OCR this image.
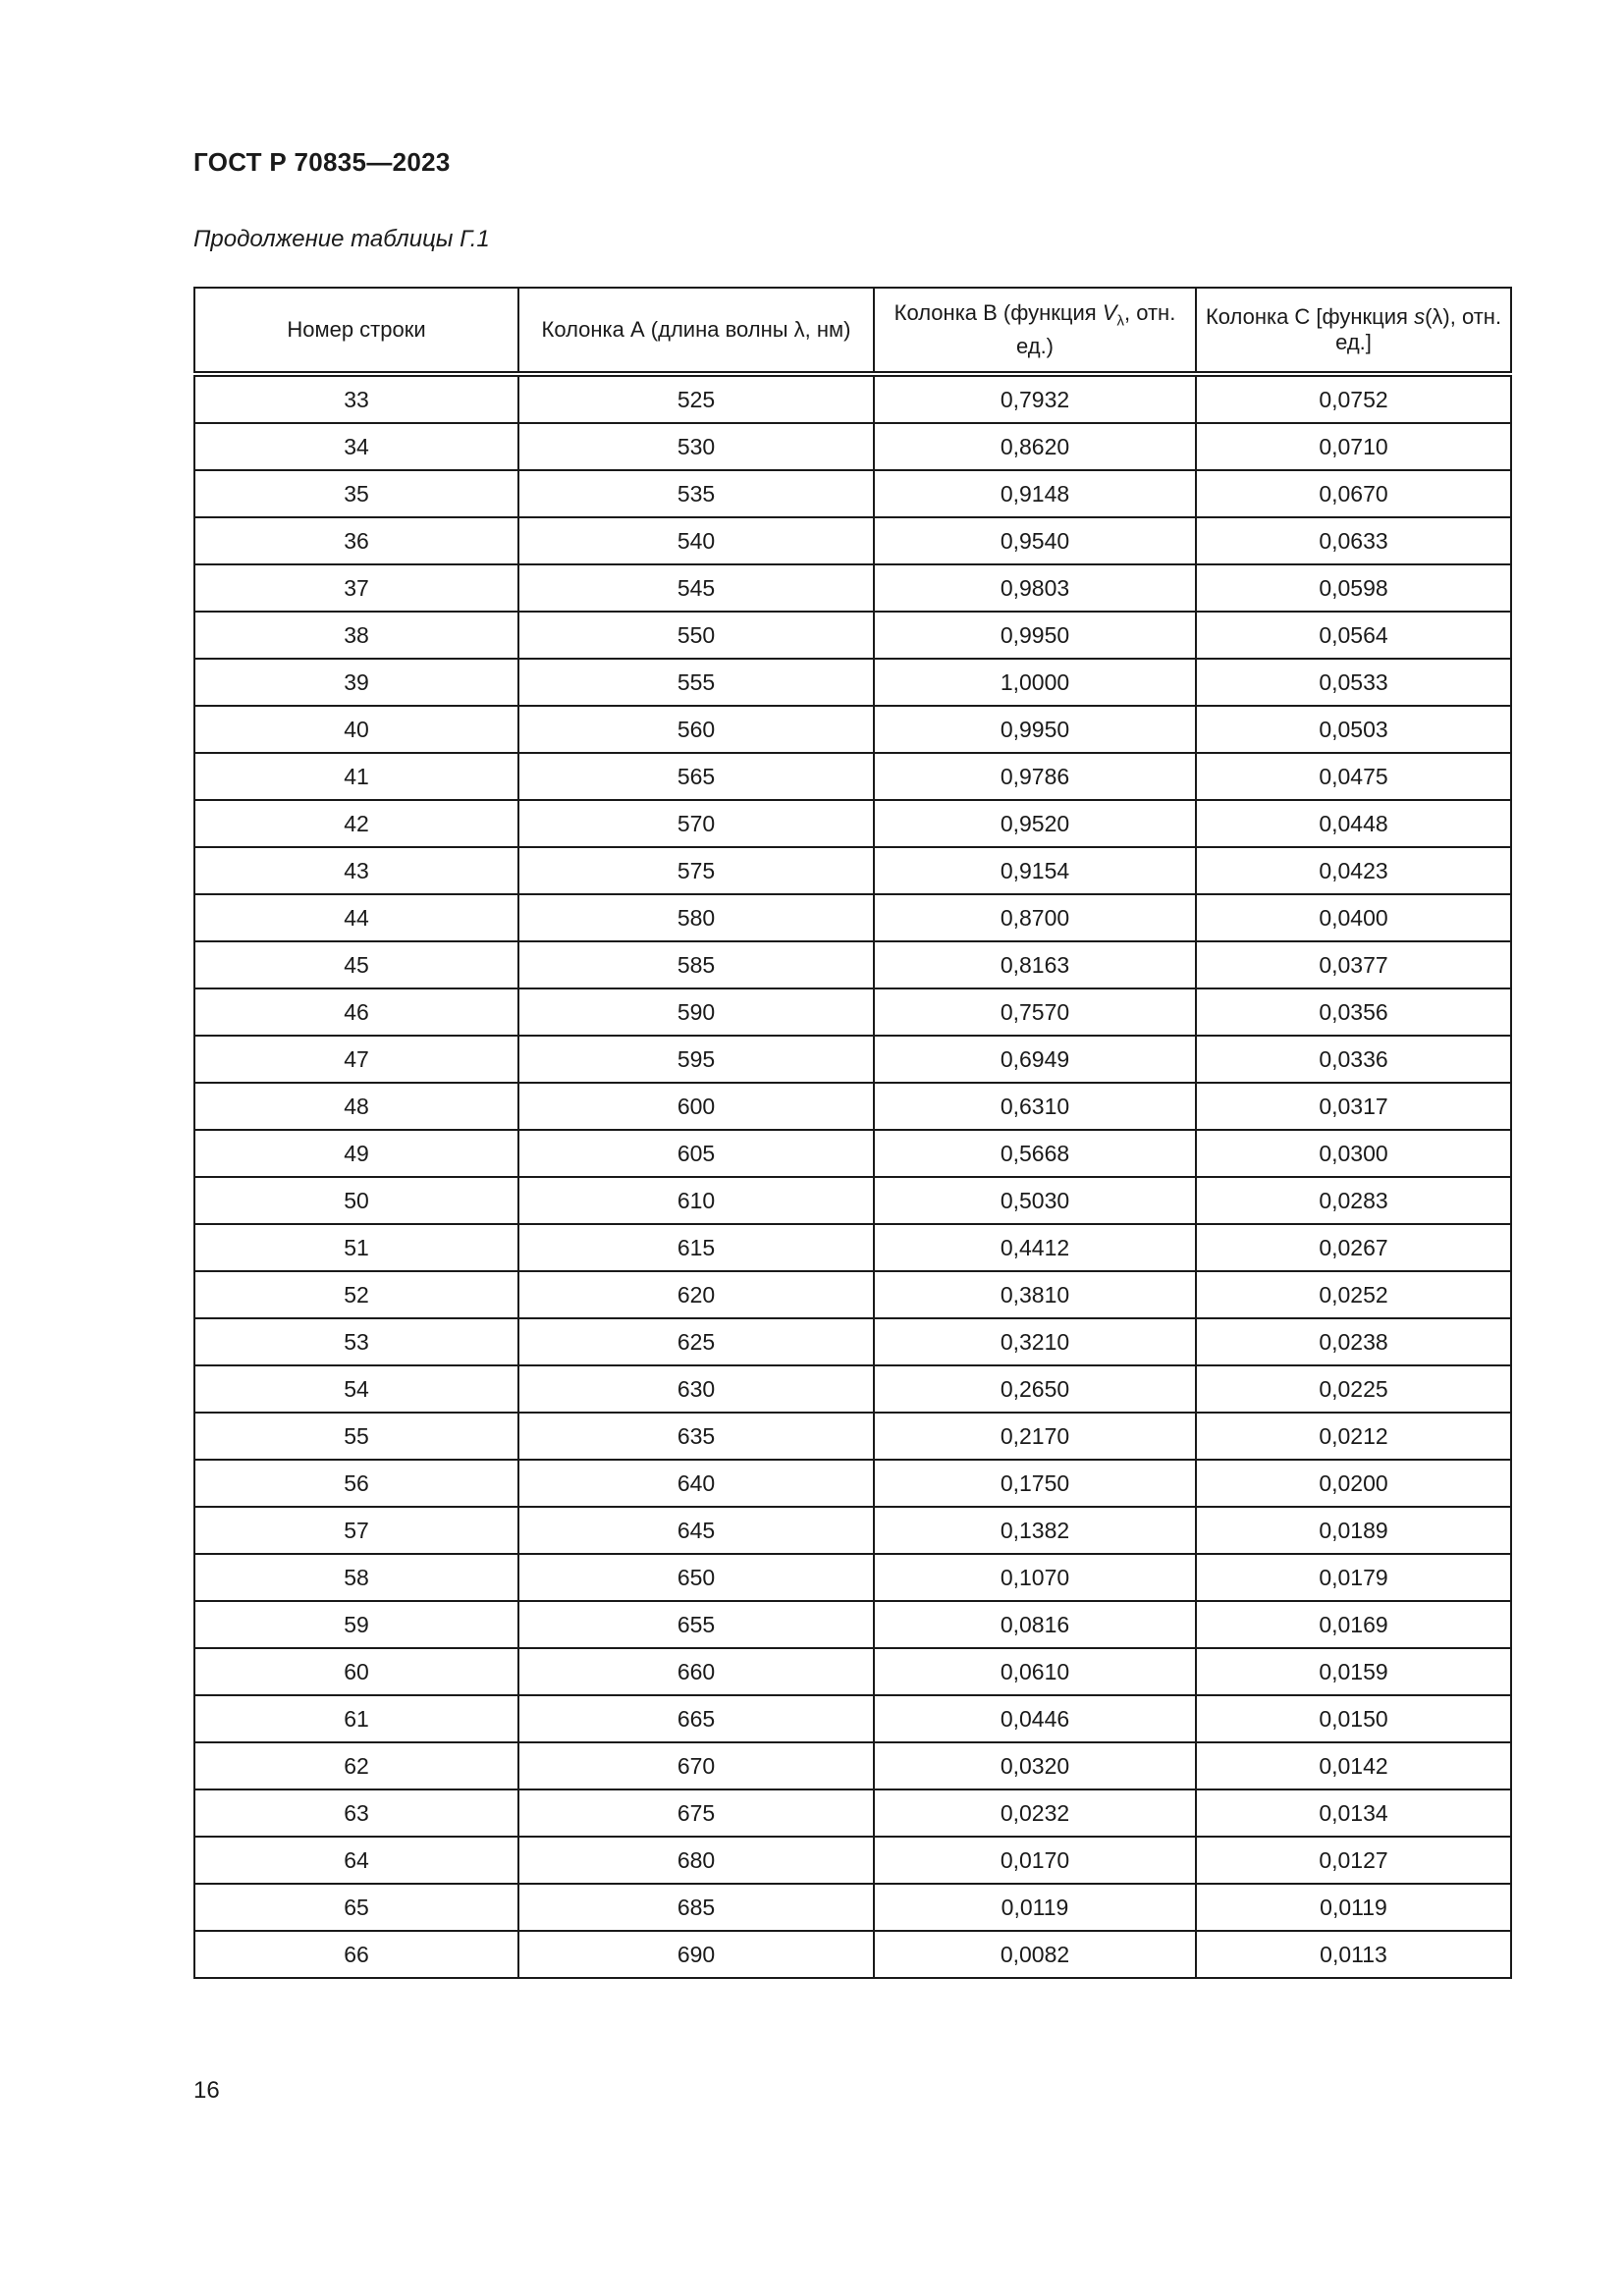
ГОСТ Р 70835—2023
Продолжение таблицы Г.1
Номер строки	Колонка А (длина волны λ, нм)	Колонка В (функция $V_\lambda$, отн. ед.)	Колонка С [функция s(λ), отн. ед.]
33	525	0,7932	0,0752
34	530	0,8620	0,0710
35	535	0,9148	0,0670
36	540	0,9540	0,0633
37	545	0,9803	0,0598
38	550	0,9950	0,0564
39	555	1,0000	0,0533
40	560	0,9950	0,0503
41	565	0,9786	0,0475
42	570	0,9520	0,0448
43	575	0,9154	0,0423
44	580	0,8700	0,0400
45	585	0,8163	0,0377
46	590	0,7570	0,0356
47	595	0,6949	0,0336
48	600	0,6310	0,0317
49	605	0,5668	0,0300
50	610	0,5030	0,0283
51	615	0,4412	0,0267
52	620	0,3810	0,0252
53	625	0,3210	0,0238
54	630	0,2650	0,0225
55	635	0,2170	0,0212
56	640	0,1750	0,0200
57	645	0,1382	0,0189
58	650	0,1070	0,0179
59	655	0,0816	0,0169
60	660	0,0610	0,0159
61	665	0,0446	0,0150
62	670	0,0320	0,0142
63	675	0,0232	0,0134
64	680	0,0170	0,0127
65	685	0,0119	0,0119
66	690	0,0082	0,0113
16
